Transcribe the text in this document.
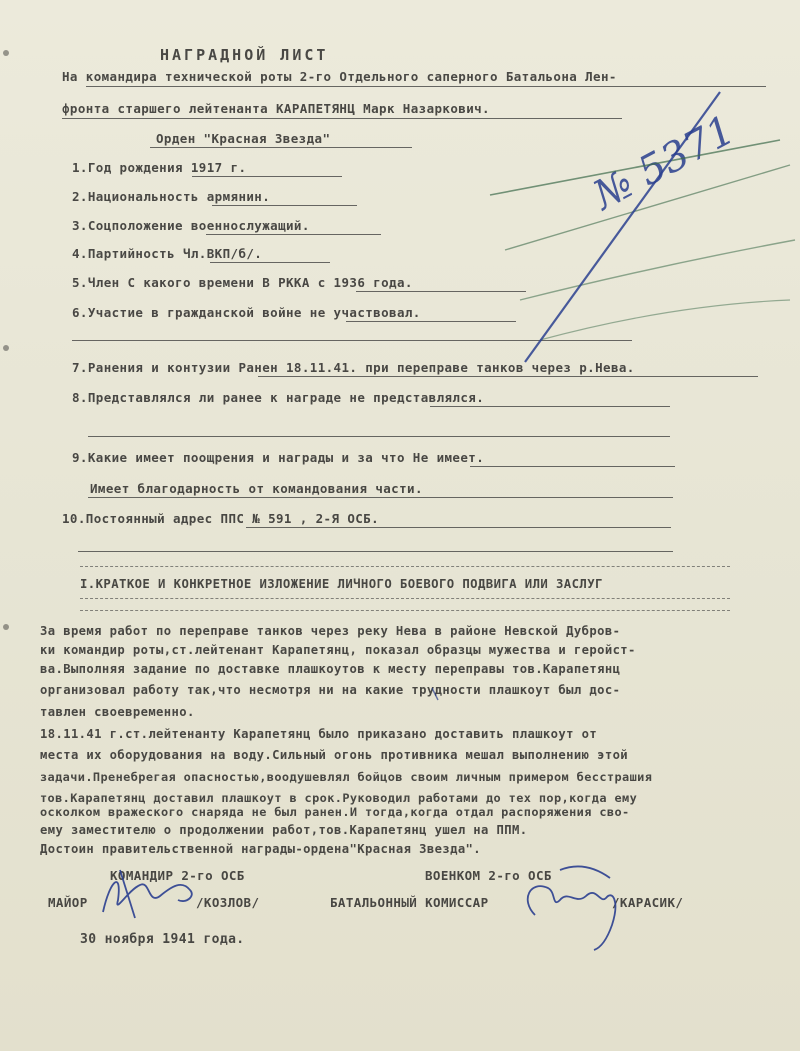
НАГРАДНОЙ ЛИСТ
На командира технической роты 2-го Отдельного саперного Батальона Лен-
фронта старшего лейтенанта КАРАПЕТЯНЦ Марк Назаркович.
Орден "Красная Звезда"
1.Год рождения 1917 г.
2.Национальность армянин.
3.Соцположение военнослужащий.
4.Партийность Чл.ВКП/б/.
5.Член С какого времени В РККА с 1936 года.
6.Участие в гражданской войне не участвовал.
7.Ранения и контузии Ранен 18.11.41. при переправе танков через р.Нева.
8.Представлялся ли ранее к награде не представлялся.
9.Какие имеет поощрения и награды и за что Не имеет.
Имеет благодарность от командования части.
10.Постоянный адрес ППС № 591 , 2-Я ОСБ.
I.КРАТКОЕ И КОНКРЕТНОЕ ИЗЛОЖЕНИЕ ЛИЧНОГО БОЕВОГО ПОДВИГА ИЛИ ЗАСЛУГ
За время работ по переправе танков через реку Нева в районе Невской Дубров-
ки командир роты,ст.лейтенант Карапетянц, показал образцы мужества и геройст-
ва.Выполняя задание по доставке плашкоутов к месту переправы тов.Карапетянц
организовал работу так,что несмотря ни на какие трудности плашкоут был дос-
тавлен своевременно.
18.11.41 г.ст.лейтенанту Карапетянц было приказано доставить плашкоут от
места их оборудования на воду.Сильный огонь противника мешал выполнению этой
задачи.Пренебрегая опасностью,воодушевлял бойцов своим личным примером бесстрашия
тов.Карапетянц доставил плашкоут в срок.Руководил работами до тех пор,когда ему
осколком вражеского снаряда не был ранен.И тогда,когда отдал распоряжения сво-
ему заместителю о продолжении работ,тов.Карапетянц ушел на ППМ.
Достоин правительственной награды-ордена"Красная Звезда".
КОМАНДИР 2-го ОСБ
МАЙОР	/КОЗЛОВ/
30 ноября 1941 года.
ВОЕНКОМ 2-го ОСБ
БАТАЛЬОННЫЙ КОМИССАР	/КАРАСИК/
№ 5371
